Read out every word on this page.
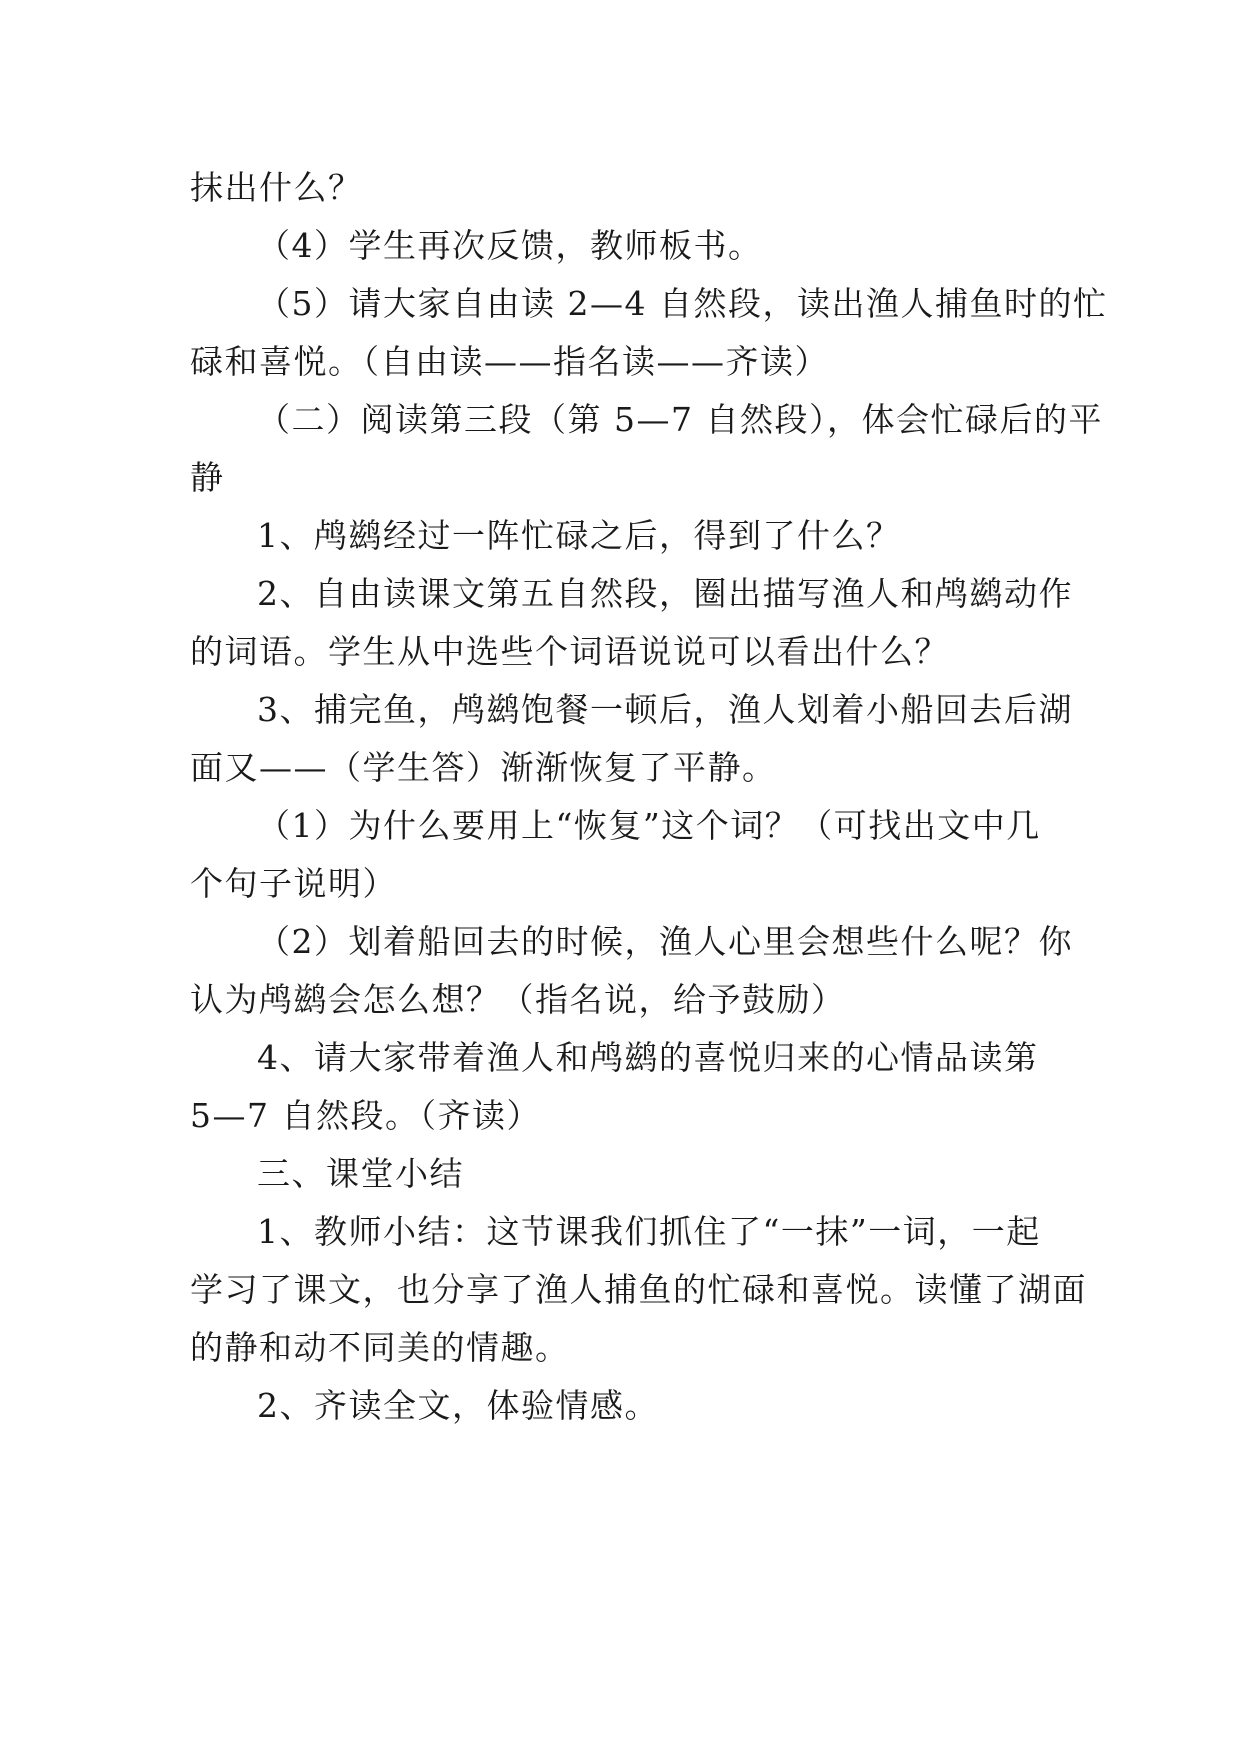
抹出什么？
（4）学生再次反馈，教师板书。
（5）请大家自由读 2—4 自然段，读出渔人捕鱼时的忙
碌和喜悦。（自由读——指名读——齐读）
（二）阅读第三段（第 5—7 自然段），体会忙碌后的平
静
1、鸬鹚经过一阵忙碌之后，得到了什么？
2、自由读课文第五自然段，圈出描写渔人和鸬鹚动作
的词语。学生从中选些个词语说说可以看出什么？
3、捕完鱼，鸬鹚饱餐一顿后，渔人划着小船回去后湖
面又——（学生答）渐渐恢复了平静。
（1）为什么要用上“恢复”这个词？（可找出文中几
个句子说明）
（2）划着船回去的时候，渔人心里会想些什么呢？你
认为鸬鹚会怎么想？（指名说，给予鼓励）
4、请大家带着渔人和鸬鹚的喜悦归来的心情品读第
5—7 自然段。（齐读）
三、课堂小结
1、教师小结：这节课我们抓住了“一抹”一词，一起
学习了课文，也分享了渔人捕鱼的忙碌和喜悦。读懂了湖面
的静和动不同美的情趣。
2、齐读全文，体验情感。
